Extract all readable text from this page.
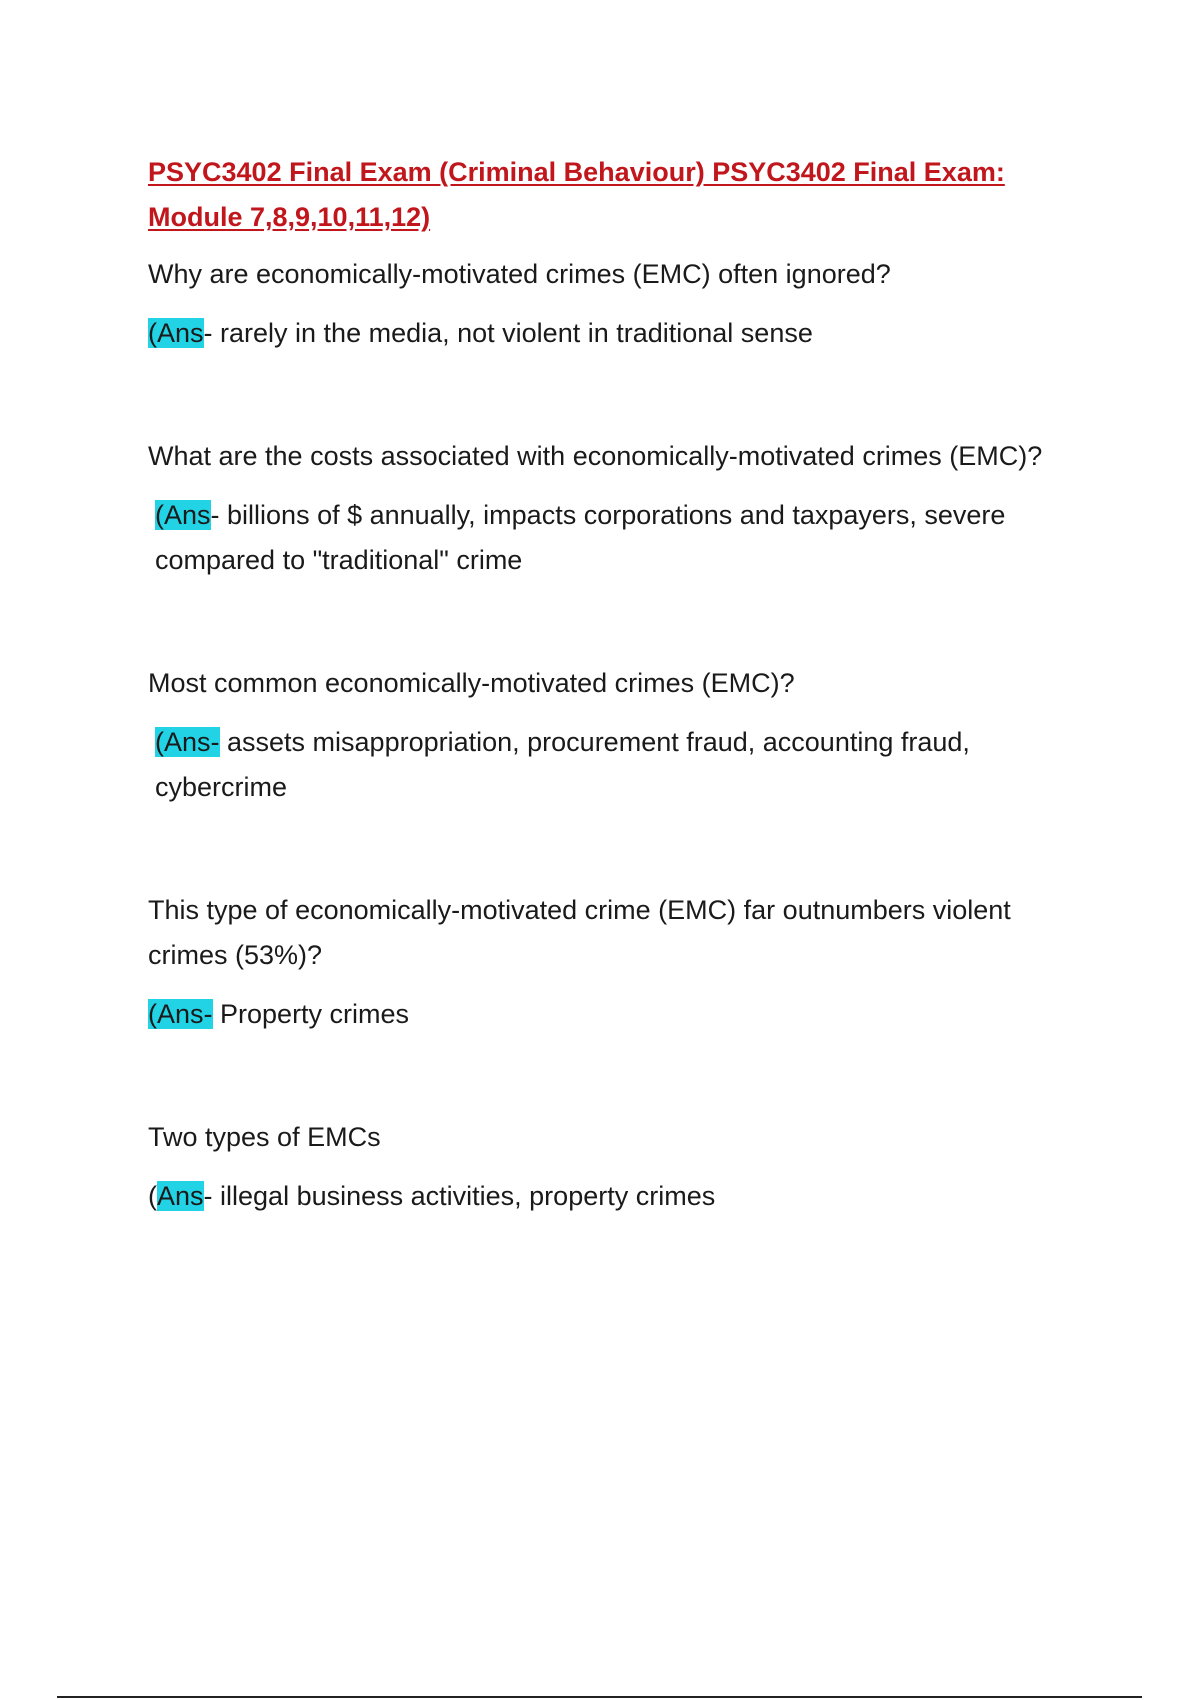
PSYC3402 Final Exam (Criminal Behaviour) PSYC3402 Final Exam: Module 7,8,9,10,11,12)

Why are economically-motivated crimes (EMC) often ignored?

(Ans- rarely in the media, not violent in traditional sense

What are the costs associated with economically-motivated crimes (EMC)?

(Ans- billions of $ annually, impacts corporations and taxpayers, severe compared to "traditional" crime

Most common economically-motivated crimes (EMC)?

(Ans- assets misappropriation, procurement fraud, accounting fraud, cybercrime

This type of economically-motivated crime (EMC) far outnumbers violent crimes (53%)?

(Ans- Property crimes

Two types of EMCs

(Ans- illegal business activities, property crimes
